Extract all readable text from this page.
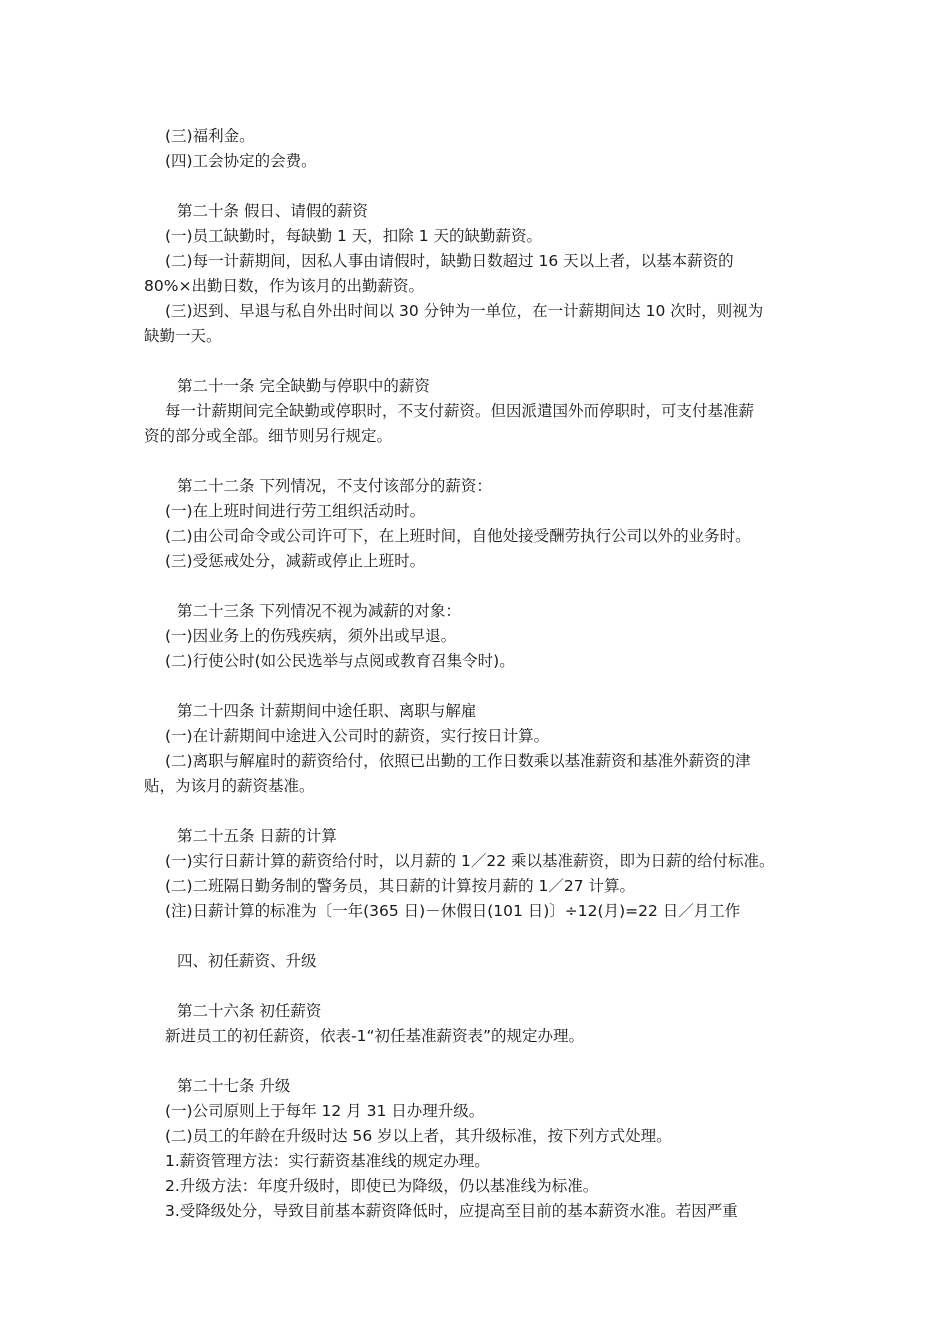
(三)福利金。
(四)工会协定的会费。
第二十条 假日、请假的薪资
(一)员工缺勤时，每缺勤 1 天，扣除 1 天的缺勤薪资。
(二)每一计薪期间，因私人事由请假时，缺勤日数超过 16 天以上者，以基本薪资的
80%×出勤日数，作为该月的出勤薪资。
(三)迟到、早退与私自外出时间以 30 分钟为一单位，在一计薪期间达 10 次时，则视为
缺勤一天。
第二十一条 完全缺勤与停职中的薪资
每一计薪期间完全缺勤或停职时，不支付薪资。但因派遣国外而停职时，可支付基准薪
资的部分或全部。细节则另行规定。
第二十二条 下列情况，不支付该部分的薪资：
(一)在上班时间进行劳工组织活动时。
(二)由公司命令或公司许可下，在上班时间，自他处接受酬劳执行公司以外的业务时。
(三)受惩戒处分，减薪或停止上班时。
第二十三条 下列情况不视为减薪的对象：
(一)因业务上的伤残疾病，须外出或早退。
(二)行使公时(如公民选举与点阅或教育召集令时)。
第二十四条 计薪期间中途任职、离职与解雇
(一)在计薪期间中途进入公司时的薪资，实行按日计算。
(二)离职与解雇时的薪资给付，依照已出勤的工作日数乘以基准薪资和基准外薪资的津
贴，为该月的薪资基准。
第二十五条 日薪的计算
(一)实行日薪计算的薪资给付时，以月薪的 1／22 乘以基准薪资，即为日薪的给付标准。
(二)二班隔日勤务制的警务员，其日薪的计算按月薪的 1／27 计算。
(注)日薪计算的标准为〔一年(365 日)－休假日(101 日)〕÷12(月)=22 日／月工作
四、初任薪资、升级
第二十六条 初任薪资
新进员工的初任薪资，依表-1“初任基准薪资表”的规定办理。
第二十七条 升级
(一)公司原则上于每年 12 月 31 日办理升级。
(二)员工的年龄在升级时达 56 岁以上者，其升级标准，按下列方式处理。
1.薪资管理方法：实行薪资基准线的规定办理。
2.升级方法：年度升级时，即使已为降级，仍以基准线为标准。
3.受降级处分，导致目前基本薪资降低时，应提高至目前的基本薪资水准。若因严重
